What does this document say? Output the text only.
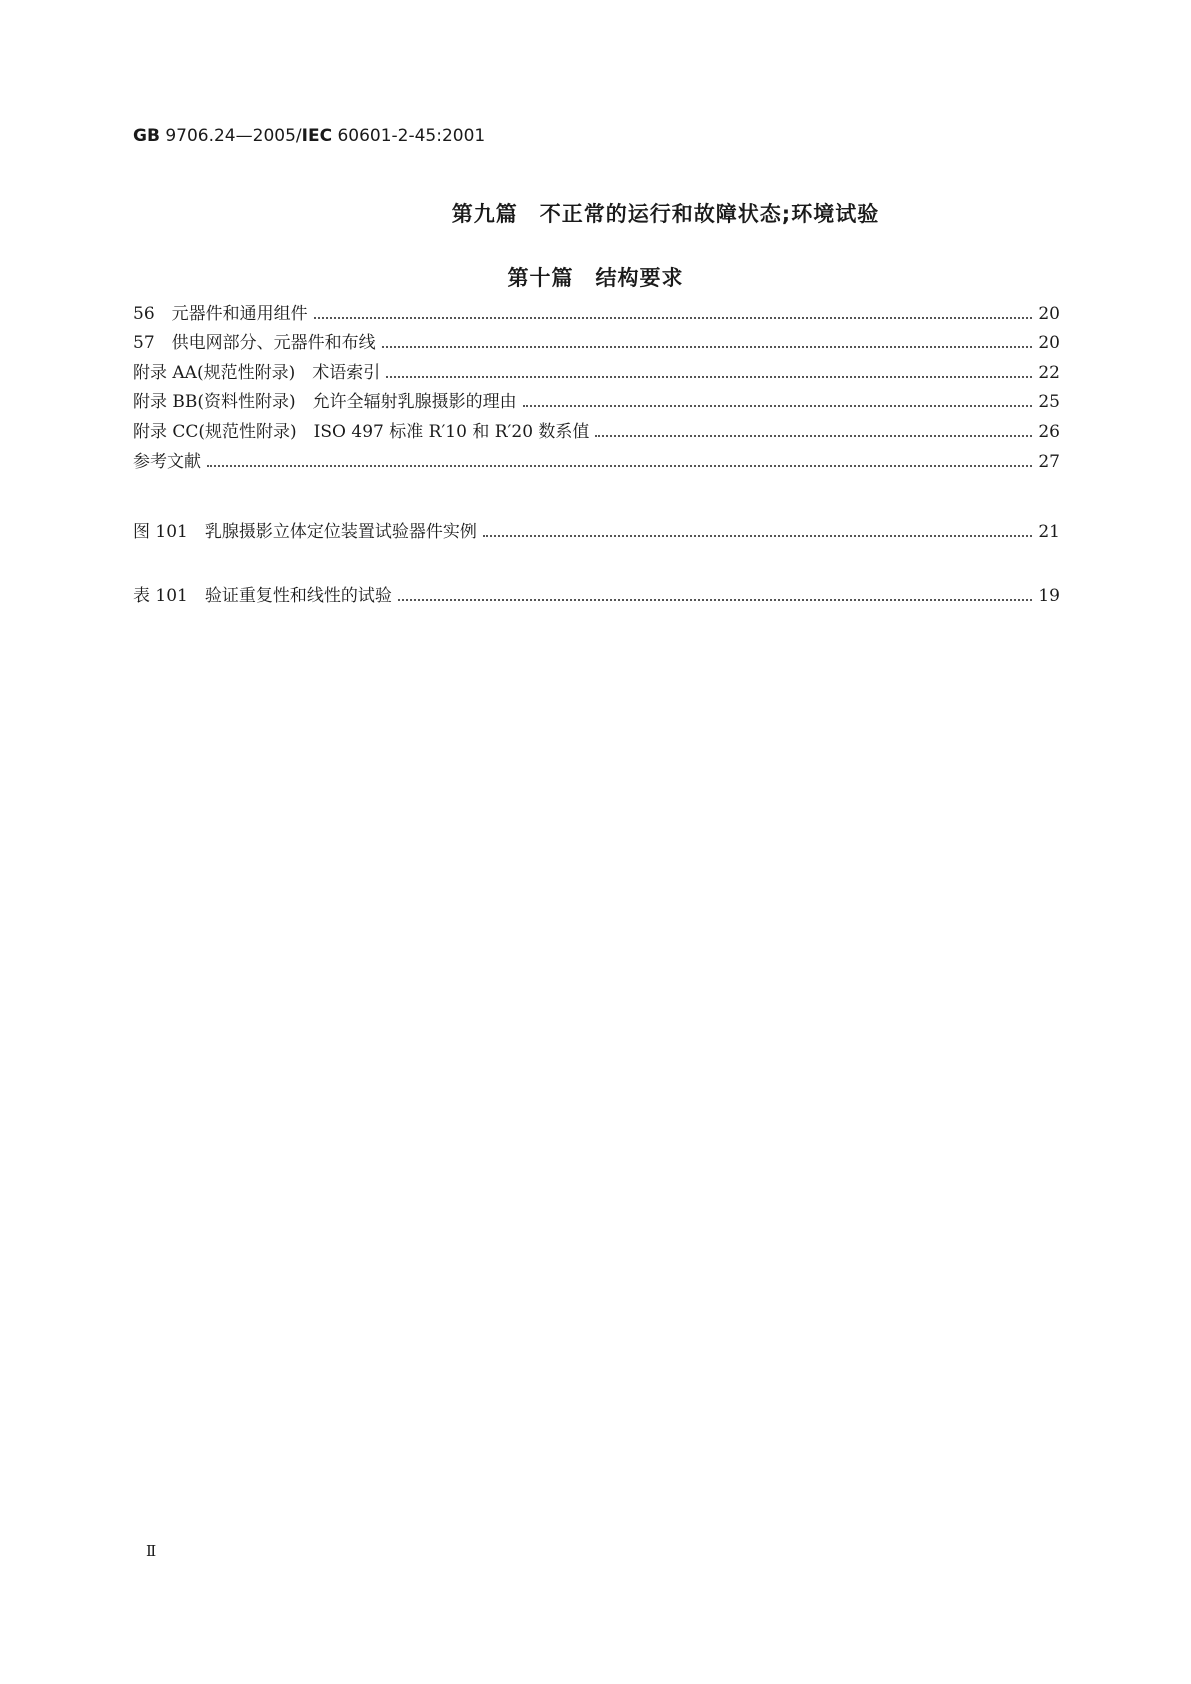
GB 9706.24—2005/IEC 60601-2-45:2001
第九篇　不正常的运行和故障状态;环境试验
第十篇　结构要求
56　元器件和通用组件	20
57　供电网部分、元器件和布线	20
附录 AA(规范性附录)　术语索引	22
附录 BB(资料性附录)　允许全辐射乳腺摄影的理由	25
附录 CC(规范性附录)　ISO 497 标准 R′10 和 R′20 数系值	26
参考文献	27
图 101　乳腺摄影立体定位装置试验器件实例	21
表 101　验证重复性和线性的试验	19
Ⅱ
